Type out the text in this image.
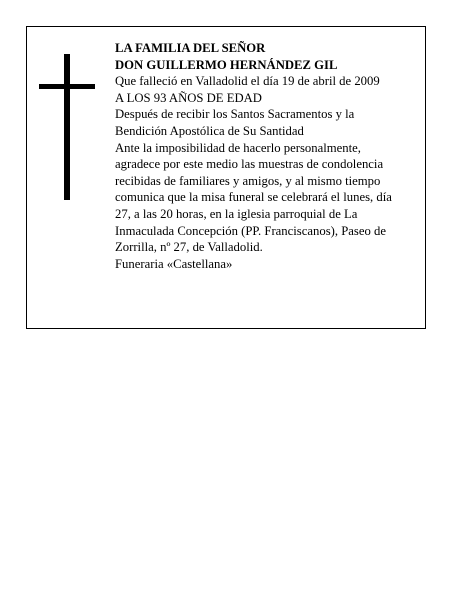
LA FAMILIA DEL SEÑOR
DON GUILLERMO HERNÁNDEZ GIL
Que falleció en Valladolid el día 19 de abril de 2009
A LOS 93 AÑOS DE EDAD
Después de recibir los Santos Sacramentos y la
Bendición Apostólica de Su Santidad
Ante la imposibilidad de hacerlo personalmente,
agradece por este medio las muestras de condolencia
recibidas de familiares y amigos, y al mismo tiempo
comunica que la misa funeral se celebrará el lunes, día
27, a las 20 horas, en la iglesia parroquial de La
Inmaculada Concepción (PP. Franciscanos), Paseo de
Zorrilla, nº 27, de Valladolid.
Funeraria «Castellana»
